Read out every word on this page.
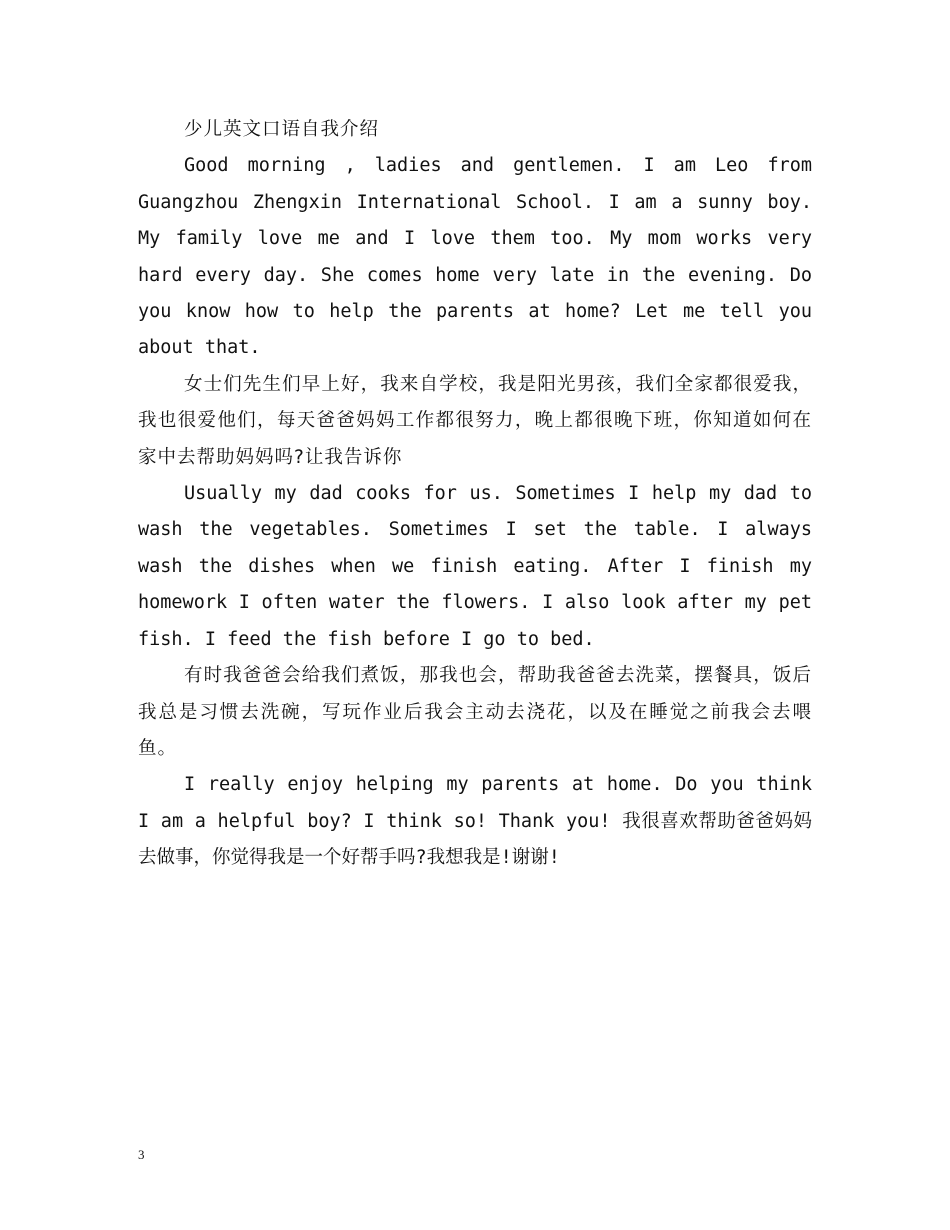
少儿英文口语自我介绍

Good morning , ladies and gentlemen. I am Leo from Guangzhou Zhengxin International School. I am a sunny boy. My family love me and I love them too. My mom works very hard every day. She comes home very late in the evening. Do you know how to help the parents at home? Let me tell you about that.

女士们先生们早上好，我来自学校，我是阳光男孩，我们全家都很爱我，我也很爱他们，每天爸爸妈妈工作都很努力，晚上都很晚下班，你知道如何在家中去帮助妈妈吗?让我告诉你

Usually my dad cooks for us. Sometimes I help my dad to wash the vegetables. Sometimes I set the table. I always wash the dishes when we finish eating. After I finish my homework I often water the flowers. I also look after my pet fish. I feed the fish before I go to bed.

有时我爸爸会给我们煮饭，那我也会，帮助我爸爸去洗菜，摆餐具，饭后我总是习惯去洗碗，写玩作业后我会主动去浇花，以及在睡觉之前我会去喂鱼。

I really enjoy helping my parents at home. Do you think I am a helpful boy? I think so! Thank you! 我很喜欢帮助爸爸妈妈去做事，你觉得我是一个好帮手吗?我想我是!谢谢!

3
